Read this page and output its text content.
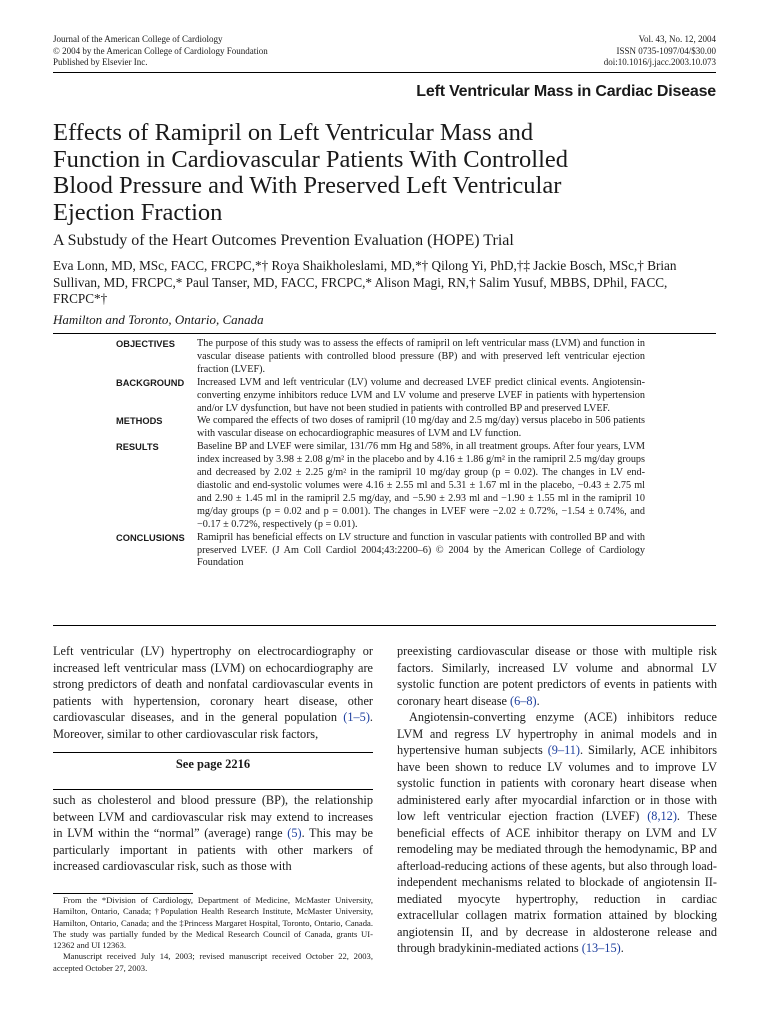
Journal of the American College of Cardiology
© 2004 by the American College of Cardiology Foundation
Published by Elsevier Inc.
Vol. 43, No. 12, 2004
ISSN 0735-1097/04/$30.00
doi:10.1016/j.jacc.2003.10.073
Left Ventricular Mass in Cardiac Disease
Effects of Ramipril on Left Ventricular Mass and Function in Cardiovascular Patients With Controlled Blood Pressure and With Preserved Left Ventricular Ejection Fraction
A Substudy of the Heart Outcomes Prevention Evaluation (HOPE) Trial
Eva Lonn, MD, MSc, FACC, FRCPC,*† Roya Shaikholeslami, MD,*† Qilong Yi, PhD,†‡ Jackie Bosch, MSc,† Brian Sullivan, MD, FRCPC,* Paul Tanser, MD, FACC, FRCPC,* Alison Magi, RN,† Salim Yusuf, MBBS, DPhil, FACC, FRCPC*†
Hamilton and Toronto, Ontario, Canada
OBJECTIVES	The purpose of this study was to assess the effects of ramipril on left ventricular mass (LVM) and function in vascular disease patients with controlled blood pressure (BP) and with preserved left ventricular ejection fraction (LVEF).
BACKGROUND	Increased LVM and left ventricular (LV) volume and decreased LVEF predict clinical events. Angiotensin-converting enzyme inhibitors reduce LVM and LV volume and preserve LVEF in patients with hypertension and/or LV dysfunction, but have not been studied in patients with controlled BP and preserved LVEF.
METHODS	We compared the effects of two doses of ramipril (10 mg/day and 2.5 mg/day) versus placebo in 506 patients with vascular disease on echocardiographic measures of LVM and LV function.
RESULTS	Baseline BP and LVEF were similar, 131/76 mm Hg and 58%, in all treatment groups. After four years, LVM index increased by 3.98 ± 2.08 g/m² in the placebo and by 4.16 ± 1.86 g/m² in the ramipril 2.5 mg/day groups and decreased by 2.02 ± 2.25 g/m² in the ramipril 10 mg/day group (p = 0.02). The changes in LV end-diastolic and end-systolic volumes were 4.16 ± 2.55 ml and 5.31 ± 1.67 ml in the placebo, −0.43 ± 2.75 ml and 2.90 ± 1.45 ml in the ramipril 2.5 mg/day, and −5.90 ± 2.93 ml and −1.90 ± 1.55 ml in the ramipril 10 mg/day groups (p = 0.02 and p = 0.001). The changes in LVEF were −2.02 ± 0.72%, −1.54 ± 0.74%, and −0.17 ± 0.72%, respectively (p = 0.01).
CONCLUSIONS	Ramipril has beneficial effects on LV structure and function in vascular patients with controlled BP and with preserved LVEF. (J Am Coll Cardiol 2004;43:2200–6) © 2004 by the American College of Cardiology Foundation

Left ventricular (LV) hypertrophy on electrocardiography or increased left ventricular mass (LVM) on echocardiography are strong predictors of death and nonfatal cardiovascular events in patients with hypertension, coronary heart disease, other cardiovascular diseases, and in the general population (1–5). Moreover, similar to other cardiovascular risk factors,

See page 2216

such as cholesterol and blood pressure (BP), the relationship between LVM and cardiovascular risk may extend to increases in LVM within the “normal” (average) range (5). This may be particularly important in patients with other markers of increased cardiovascular risk, such as those with

From the *Division of Cardiology, Department of Medicine, McMaster University, Hamilton, Ontario, Canada; †Population Health Research Institute, McMaster University, Hamilton, Ontario, Canada; and the ‡Princess Margaret Hospital, Toronto, Ontario, Canada. The study was partially funded by the Medical Research Council of Canada, grants UI-12362 and UI 12363.

Manuscript received July 14, 2003; revised manuscript received October 22, 2003, accepted October 27, 2003.

preexisting cardiovascular disease or those with multiple risk factors. Similarly, increased LV volume and abnormal LV systolic function are potent predictors of events in patients with coronary heart disease (6–8).

Angiotensin-converting enzyme (ACE) inhibitors reduce LVM and regress LV hypertrophy in animal models and in hypertensive human subjects (9–11). Similarly, ACE inhibitors have been shown to reduce LV volumes and to improve LV systolic function in patients with coronary heart disease when administered early after myocardial infarction or in those with low left ventricular ejection fraction (LVEF) (8,12). These beneficial effects of ACE inhibitor therapy on LVM and LV remodeling may be mediated through the hemodynamic, BP and afterload-reducing actions of these agents, but also through load-independent mechanisms related to blockade of angiotensin II-mediated myocyte hypertrophy, reduction in cardiac extracellular collagen matrix formation attained by blocking angiotensin II, and by decrease in aldosterone release and through bradykinin-mediated actions (13–15).
